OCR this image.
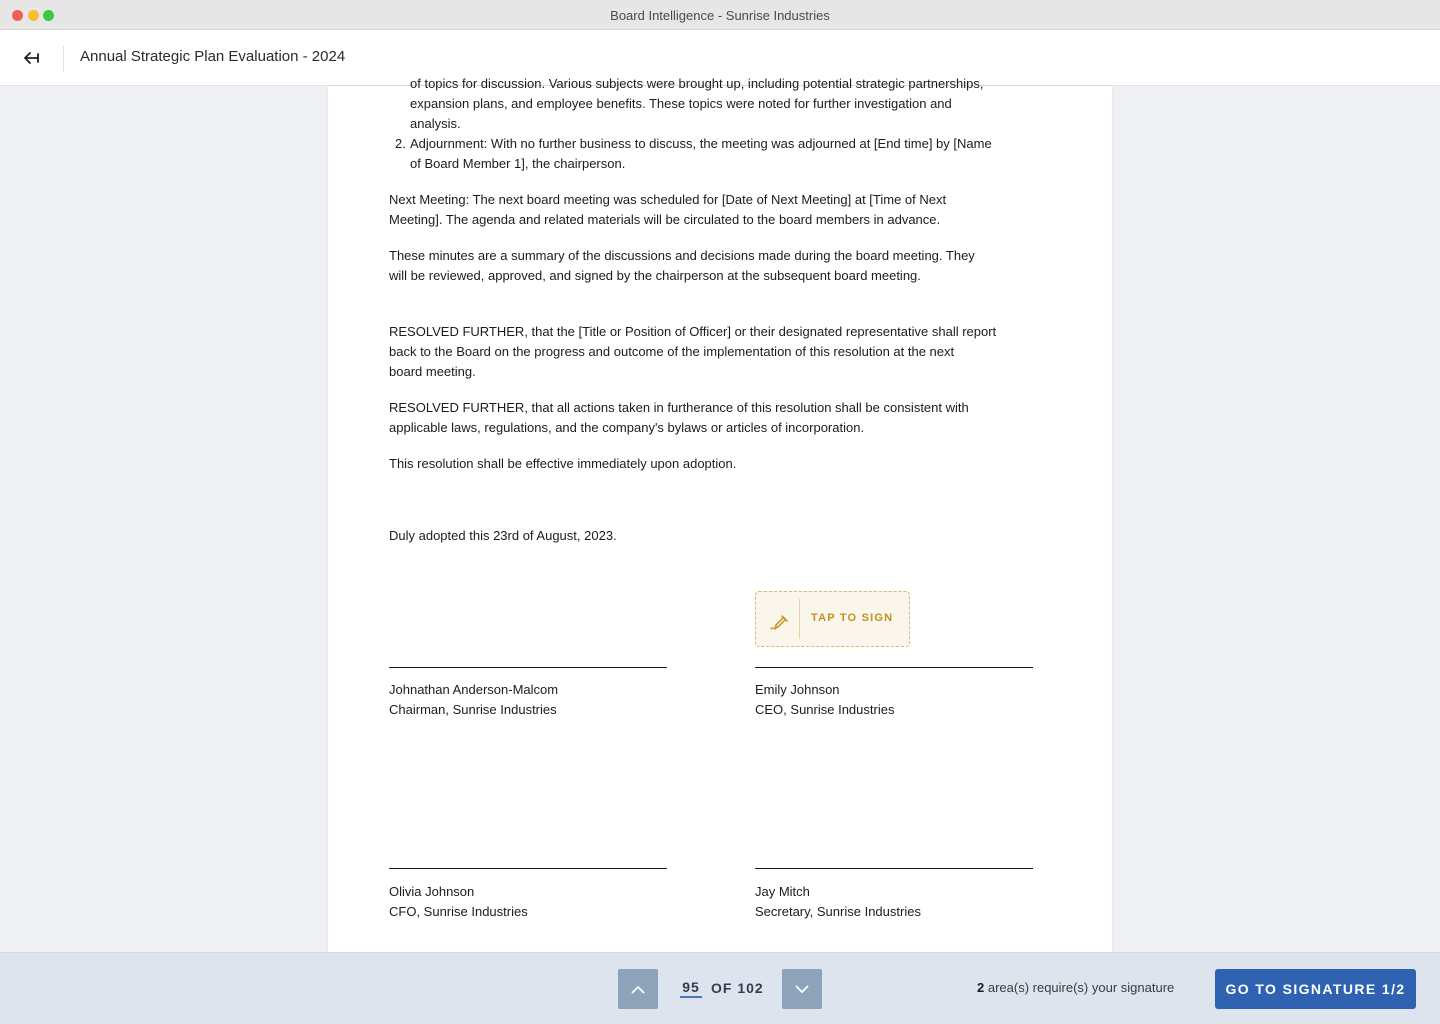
Board Intelligence - Sunrise Industries
Annual Strategic Plan Evaluation - 2024
of topics for discussion. Various subjects were brought up, including potential strategic partnerships,
expansion plans, and employee benefits. These topics were noted for further investigation and
analysis.
2. Adjournment: With no further business to discuss, the meeting was adjourned at [End time] by [Name
of Board Member 1], the chairperson.
Next Meeting: The next board meeting was scheduled for [Date of Next Meeting] at [Time of Next
Meeting]. The agenda and related materials will be circulated to the board members in advance.
These minutes are a summary of the discussions and decisions made during the board meeting. They
will be reviewed, approved, and signed by the chairperson at the subsequent board meeting.
RESOLVED FURTHER, that the [Title or Position of Officer] or their designated representative shall report
back to the Board on the progress and outcome of the implementation of this resolution at the next
board meeting.
RESOLVED FURTHER, that all actions taken in furtherance of this resolution shall be consistent with
applicable laws, regulations, and the company's bylaws or articles of incorporation.
This resolution shall be effective immediately upon adoption.
Duly adopted this 23rd of August, 2023.
TAP TO SIGN
Johnathan Anderson-Malcom
Chairman, Sunrise Industries
Emily Johnson
CEO, Sunrise Industries
Olivia Johnson
CFO, Sunrise Industries
Jay Mitch
Secretary, Sunrise Industries
95 OF 102	2 area(s) require(s) your signature	GO TO SIGNATURE 1/2
